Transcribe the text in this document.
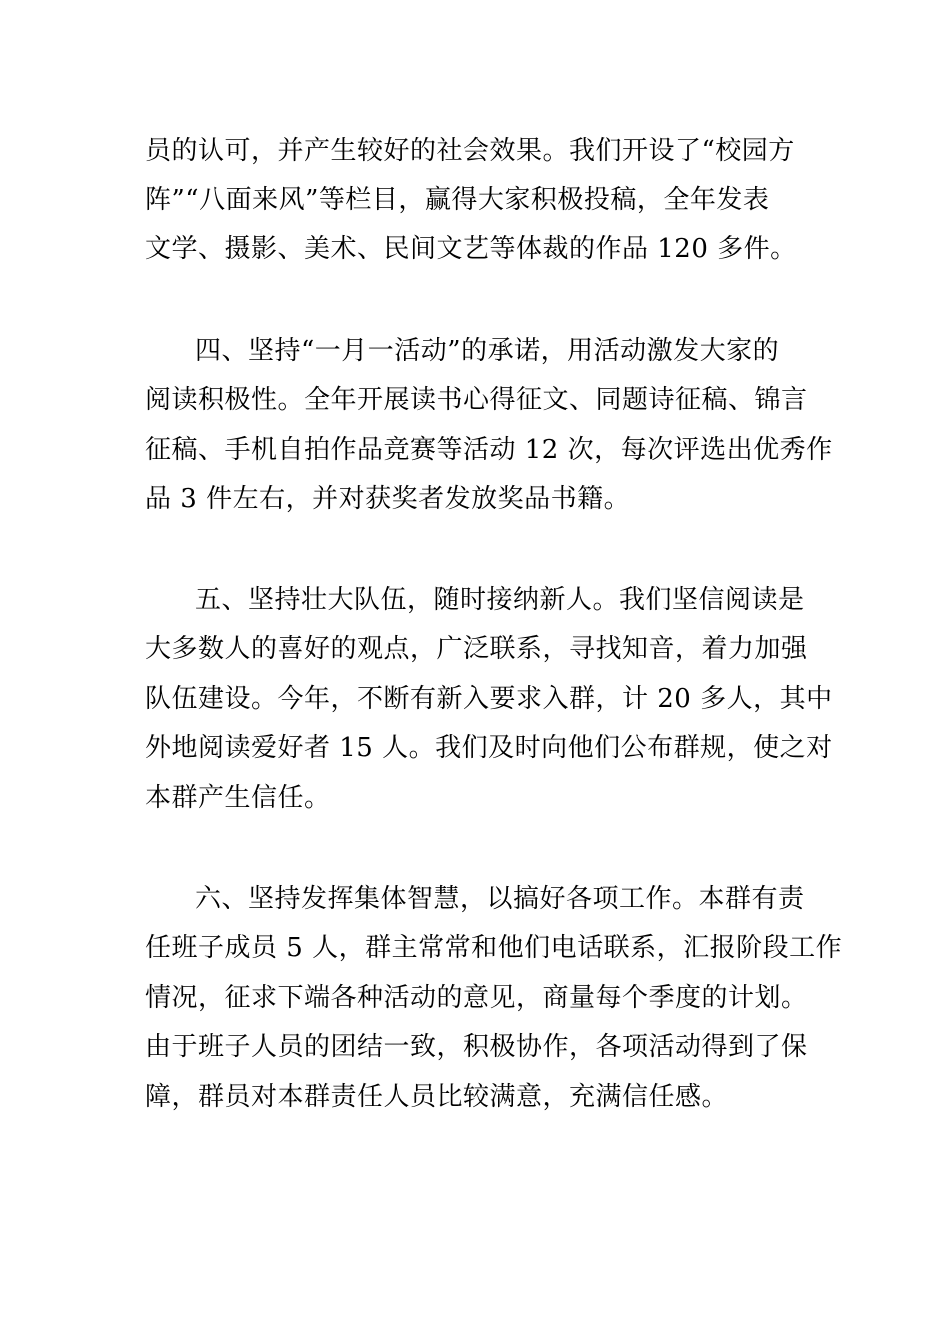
员的认可，并产生较好的社会效果。我们开设了“校园方
阵”“八面来风”等栏目，赢得大家积极投稿，全年发表
文学、摄影、美术、民间文艺等体裁的作品 120 多件。
四、坚持“一月一活动”的承诺，用活动激发大家的
阅读积极性。全年开展读书心得征文、同题诗征稿、锦言
征稿、手机自拍作品竞赛等活动 12 次，每次评选出优秀作
品 3 件左右，并对获奖者发放奖品书籍。
五、坚持壮大队伍，随时接纳新人。我们坚信阅读是
大多数人的喜好的观点，广泛联系，寻找知音，着力加强
队伍建设。今年，不断有新入要求入群，计 20 多人，其中
外地阅读爱好者 15 人。我们及时向他们公布群规，使之对
本群产生信任。
六、坚持发挥集体智慧，以搞好各项工作。本群有责
任班子成员 5 人，群主常常和他们电话联系，汇报阶段工作
情况，征求下端各种活动的意见，商量每个季度的计划。
由于班子人员的团结一致，积极协作，各项活动得到了保
障，群员对本群责任人员比较满意，充满信任感。
